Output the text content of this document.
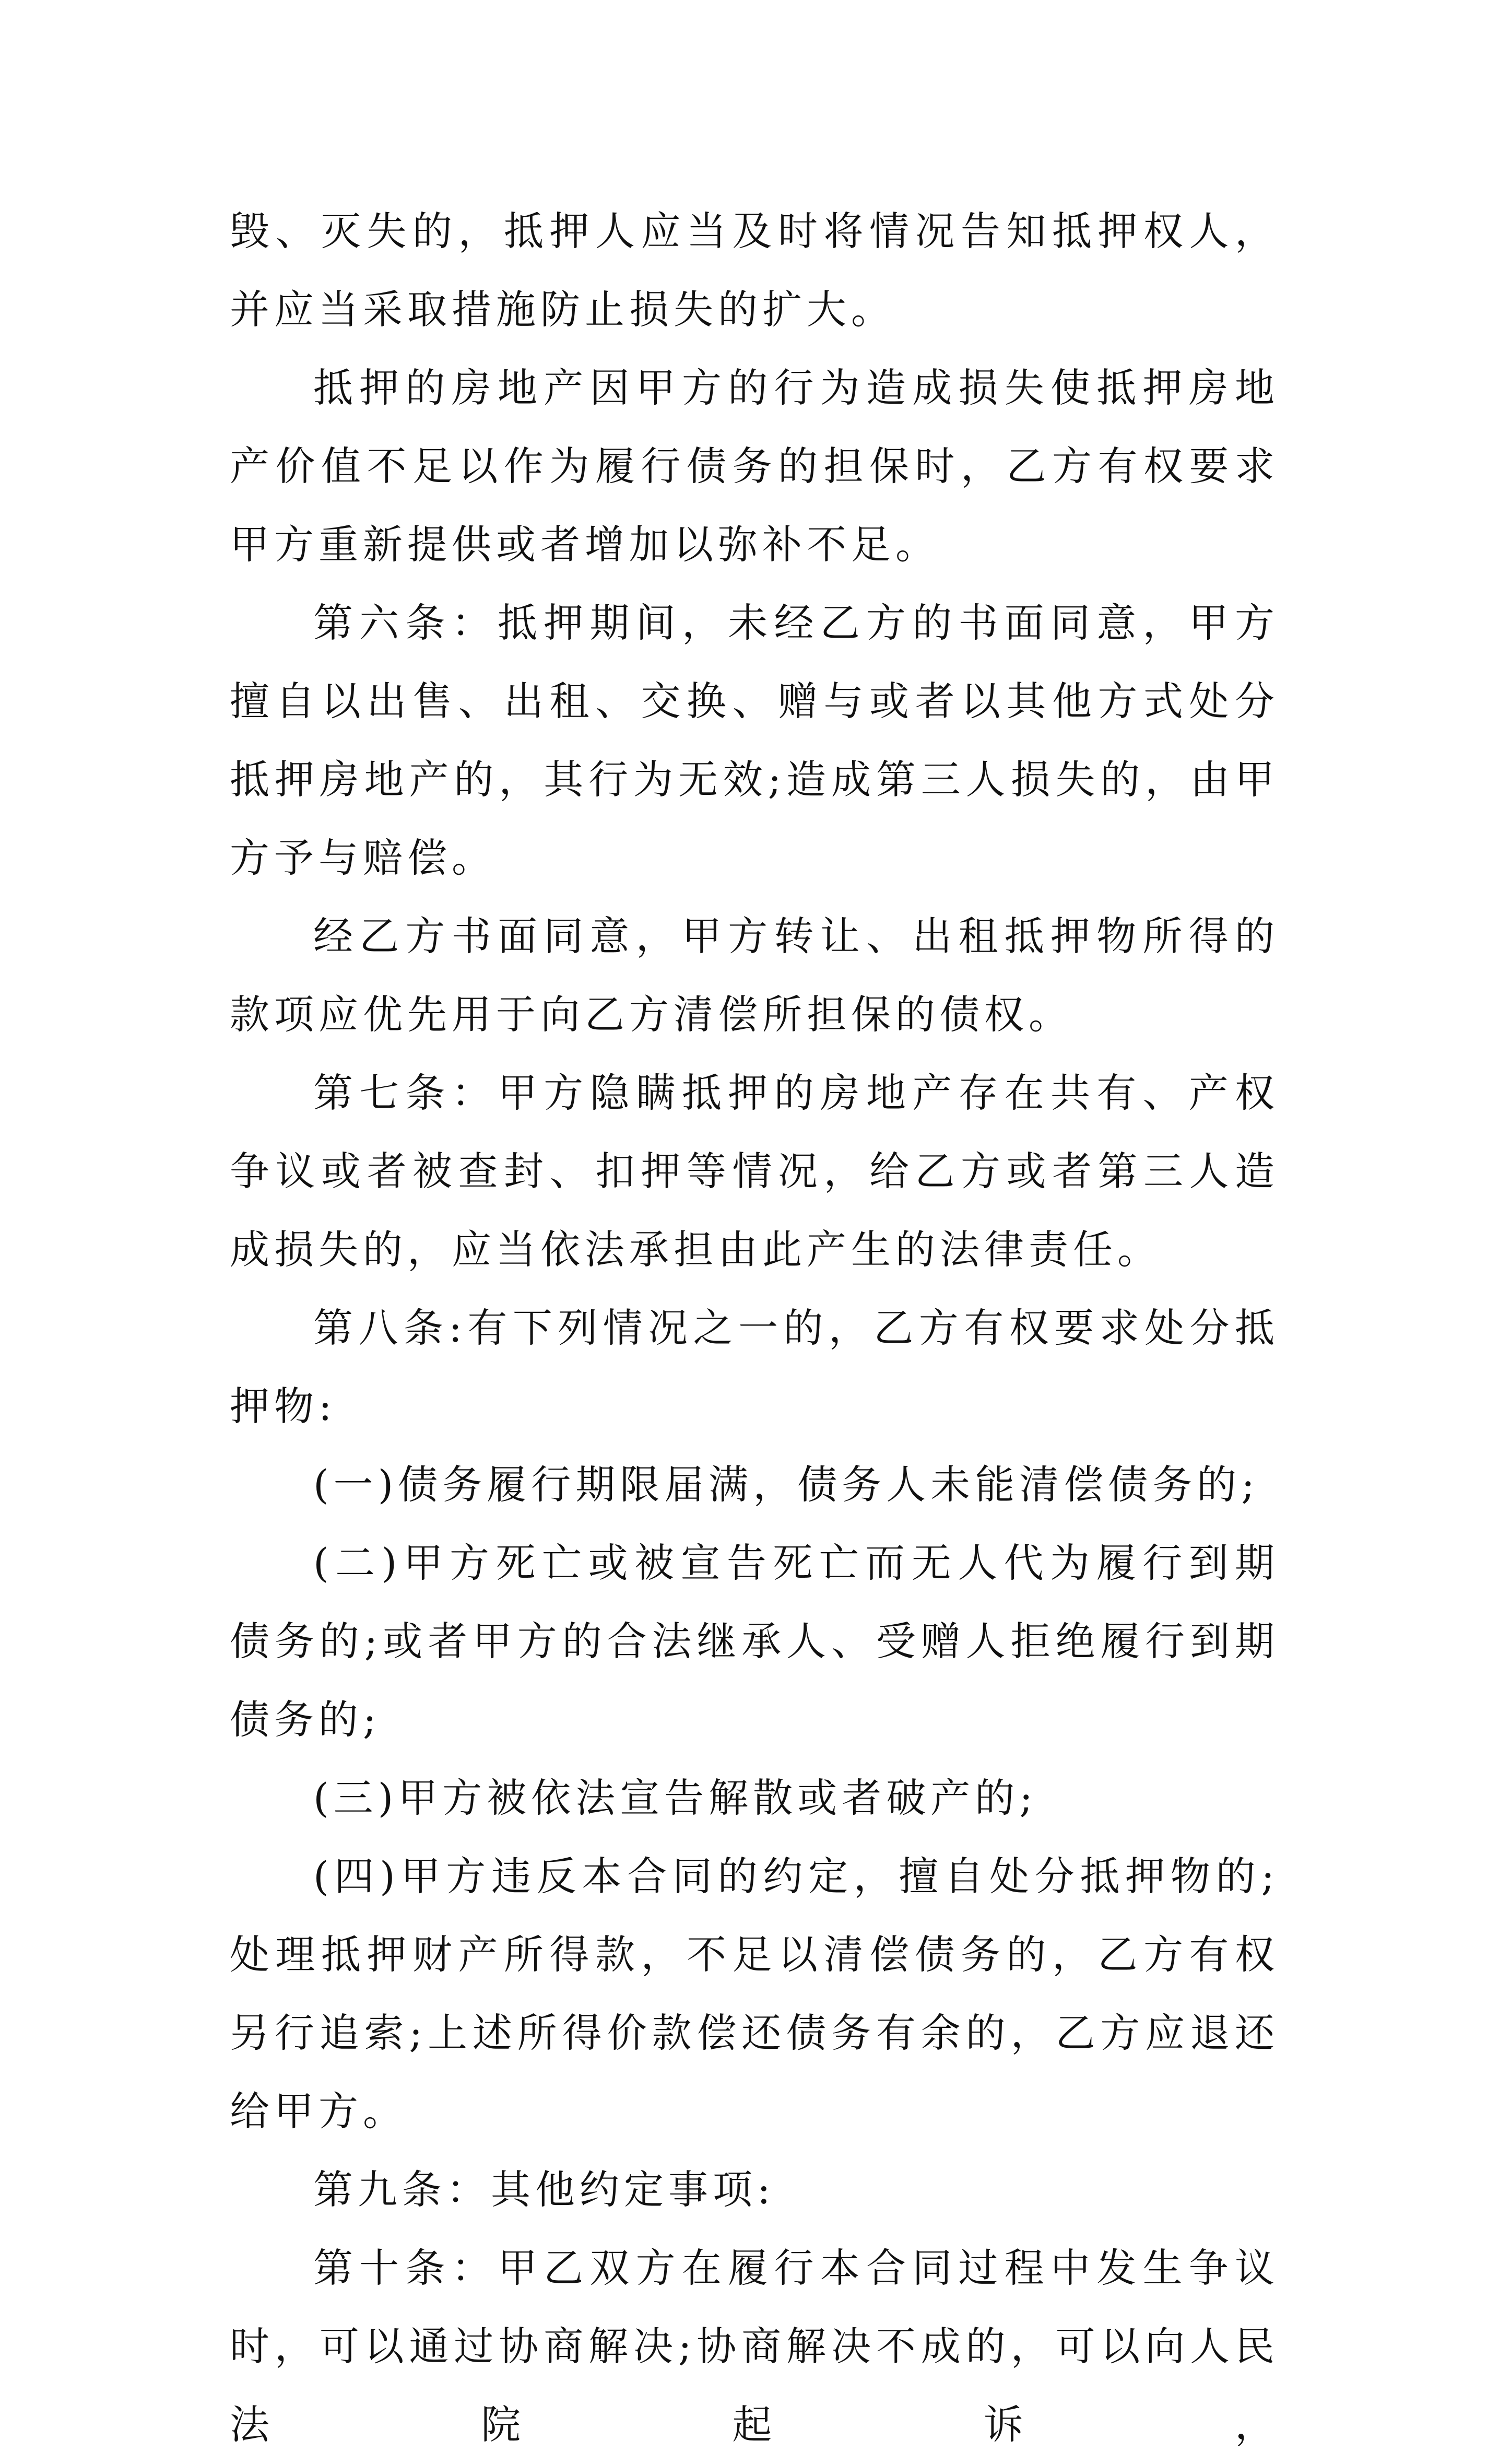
毁、灭失的，抵押人应当及时将情况告知抵押权人，并应当采取措施防止损失的扩大。

抵押的房地产因甲方的行为造成损失使抵押房地产价值不足以作为履行债务的担保时，乙方有权要求甲方重新提供或者增加以弥补不足。

第六条：抵押期间，未经乙方的书面同意，甲方擅自以出售、出租、交换、赠与或者以其他方式处分抵押房地产的，其行为无效;造成第三人损失的，由甲方予与赔偿。

经乙方书面同意，甲方转让、出租抵押物所得的款项应优先用于向乙方清偿所担保的债权。

第七条：甲方隐瞒抵押的房地产存在共有、产权争议或者被查封、扣押等情况，给乙方或者第三人造成损失的，应当依法承担由此产生的法律责任。

第八条:有下列情况之一的，乙方有权要求处分抵押物:

(一)债务履行期限届满，债务人未能清偿债务的;

(二)甲方死亡或被宣告死亡而无人代为履行到期债务的;或者甲方的合法继承人、受赠人拒绝履行到期债务的;

(三)甲方被依法宣告解散或者破产的;

(四)甲方违反本合同的约定，擅自处分抵押物的;处理抵押财产所得款，不足以清偿债务的，乙方有权另行追索;上述所得价款偿还债务有余的，乙方应退还给甲方。

第九条：其他约定事项:

第十条：甲乙双方在履行本合同过程中发生争议时，可以通过协商解决;协商解决不成的，可以向人民法院起诉，
